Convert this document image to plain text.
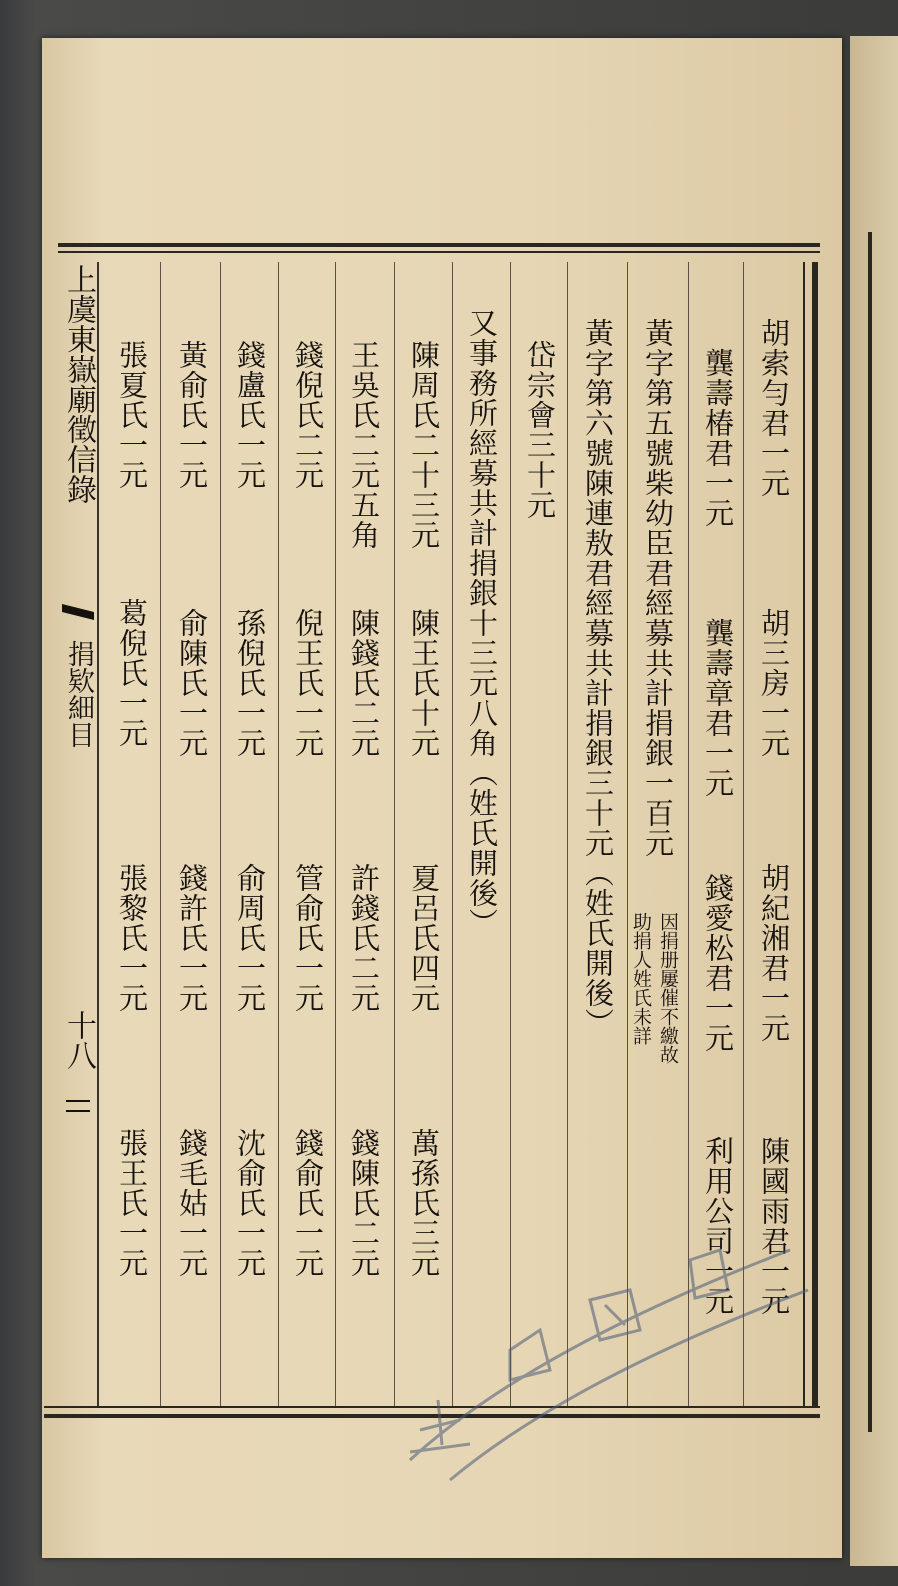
胡索勻君一元
胡三房一元
胡紀湘君一元
陳國雨君一元
龔壽椿君一元
龔壽章君一元
錢愛松君一元
利用公司一元
黃字第五號柴幼臣君經募共計捐銀一百元
因捐册屢催不繳故
助捐人姓氏未詳
黃字第六號陳連敖君經募共計捐銀三十元（姓氏開後）
岱宗會三十元
又事務所經募共計捐銀十三元八角（姓氏開後）
陳周氏二十三元
陳王氏十元
夏呂氏四元
萬孫氏三元
王吳氏二元五角
陳錢氏二元
許錢氏二元
錢陳氏二元
錢倪氏二元
倪王氏一元
管俞氏一元
錢俞氏一元
錢盧氏一元
孫倪氏一元
俞周氏一元
沈俞氏一元
黃俞氏一元
俞陳氏一元
錢許氏一元
錢毛姑一元
張夏氏一元
葛倪氏一元
張黎氏一元
張王氏一元
上虞東嶽廟徵信錄
捐欵細目
十八
